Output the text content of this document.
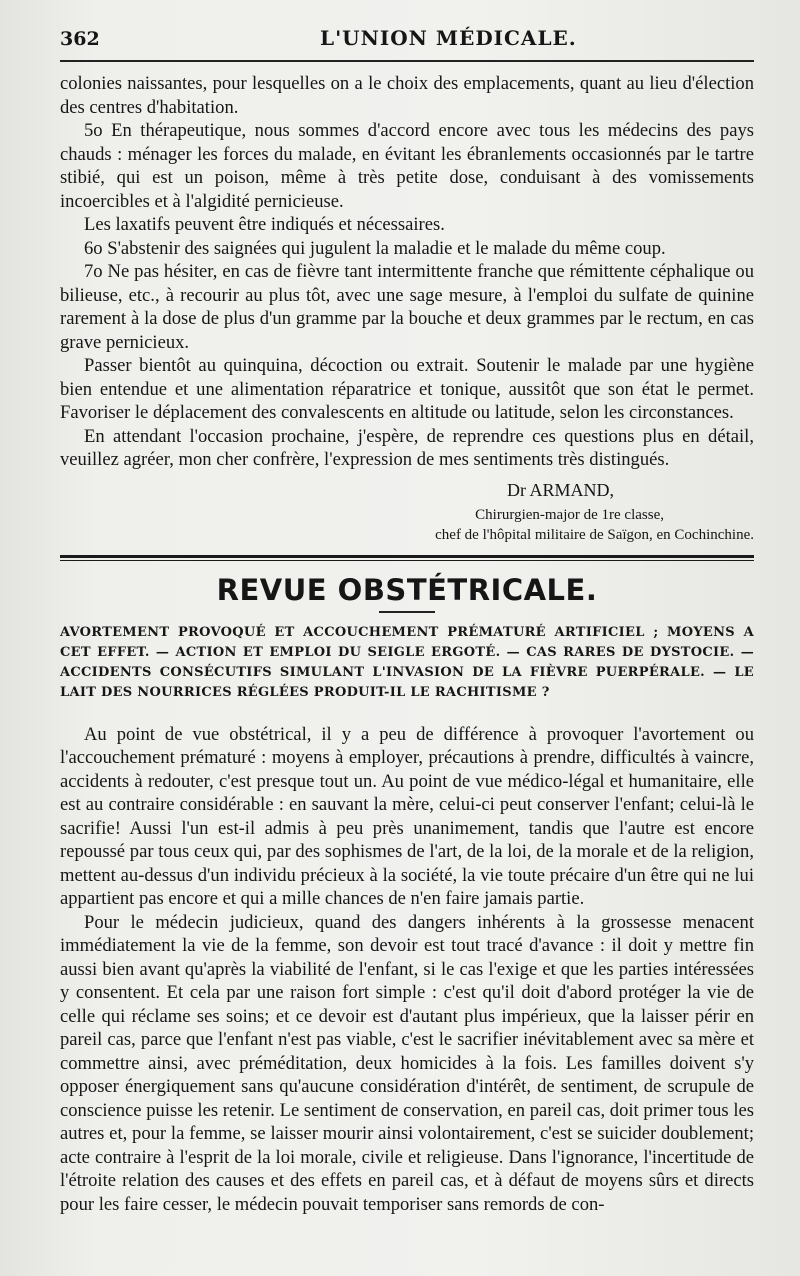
362	L'UNION MÉDICALE.

colonies naissantes, pour lesquelles on a le choix des emplacements, quant au lieu d'élection des centres d'habitation.

5o En thérapeutique, nous sommes d'accord encore avec tous les médecins des pays chauds : ménager les forces du malade, en évitant les ébranlements occasionnés par le tartre stibié, qui est un poison, même à très petite dose, conduisant à des vomissements incoercibles et à l'algidité pernicieuse.

Les laxatifs peuvent être indiqués et nécessaires.

6o S'abstenir des saignées qui jugulent la maladie et le malade du même coup.

7o Ne pas hésiter, en cas de fièvre tant intermittente franche que rémittente céphalique ou bilieuse, etc., à recourir au plus tôt, avec une sage mesure, à l'emploi du sulfate de quinine rarement à la dose de plus d'un gramme par la bouche et deux grammes par le rectum, en cas grave pernicieux.

Passer bientôt au quinquina, décoction ou extrait. Soutenir le malade par une hygiène bien entendue et une alimentation réparatrice et tonique, aussitôt que son état le permet. Favoriser le déplacement des convalescents en altitude ou latitude, selon les circonstances.

En attendant l'occasion prochaine, j'espère, de reprendre ces questions plus en détail, veuillez agréer, mon cher confrère, l'expression de mes sentiments très distingués.

Dr ARMAND,
Chirurgien-major de 1re classe,
chef de l'hôpital militaire de Saïgon, en Cochinchine.
REVUE OBSTÉTRICALE.
AVORTEMENT PROVOQUÉ ET ACCOUCHEMENT PRÉMATURÉ ARTIFICIEL ; MOYENS A CET EFFET. — ACTION ET EMPLOI DU SEIGLE ERGOTÉ. — CAS RARES DE DYSTOCIE. — ACCIDENTS CONSÉCUTIFS SIMULANT L'INVASION DE LA FIÈVRE PUERPÉRALE. — LE LAIT DES NOURRICES RÉGLÉES PRODUIT-IL LE RACHITISME ?

Au point de vue obstétrical, il y a peu de différence à provoquer l'avortement ou l'accouchement prématuré : moyens à employer, précautions à prendre, difficultés à vaincre, accidents à redouter, c'est presque tout un. Au point de vue médico-légal et humanitaire, elle est au contraire considérable : en sauvant la mère, celui-ci peut conserver l'enfant; celui-là le sacrifie! Aussi l'un est-il admis à peu près unanimement, tandis que l'autre est encore repoussé par tous ceux qui, par des sophismes de l'art, de la loi, de la morale et de la religion, mettent au-dessus d'un individu précieux à la société, la vie toute précaire d'un être qui ne lui appartient pas encore et qui a mille chances de n'en faire jamais partie.

Pour le médecin judicieux, quand des dangers inhérents à la grossesse menacent immédiatement la vie de la femme, son devoir est tout tracé d'avance : il doit y mettre fin aussi bien avant qu'après la viabilité de l'enfant, si le cas l'exige et que les parties intéressées y consentent. Et cela par une raison fort simple : c'est qu'il doit d'abord protéger la vie de celle qui réclame ses soins; et ce devoir est d'autant plus impérieux, que la laisser périr en pareil cas, parce que l'enfant n'est pas viable, c'est le sacrifier inévitablement avec sa mère et commettre ainsi, avec préméditation, deux homicides à la fois. Les familles doivent s'y opposer énergiquement sans qu'aucune considération d'intérêt, de sentiment, de scrupule de conscience puisse les retenir. Le sentiment de conservation, en pareil cas, doit primer tous les autres et, pour la femme, se laisser mourir ainsi volontairement, c'est se suicider doublement; acte contraire à l'esprit de la loi morale, civile et religieuse. Dans l'ignorance, l'incertitude de l'étroite relation des causes et des effets en pareil cas, et à défaut de moyens sûrs et directs pour les faire cesser, le médecin pouvait temporiser sans remords de con-
